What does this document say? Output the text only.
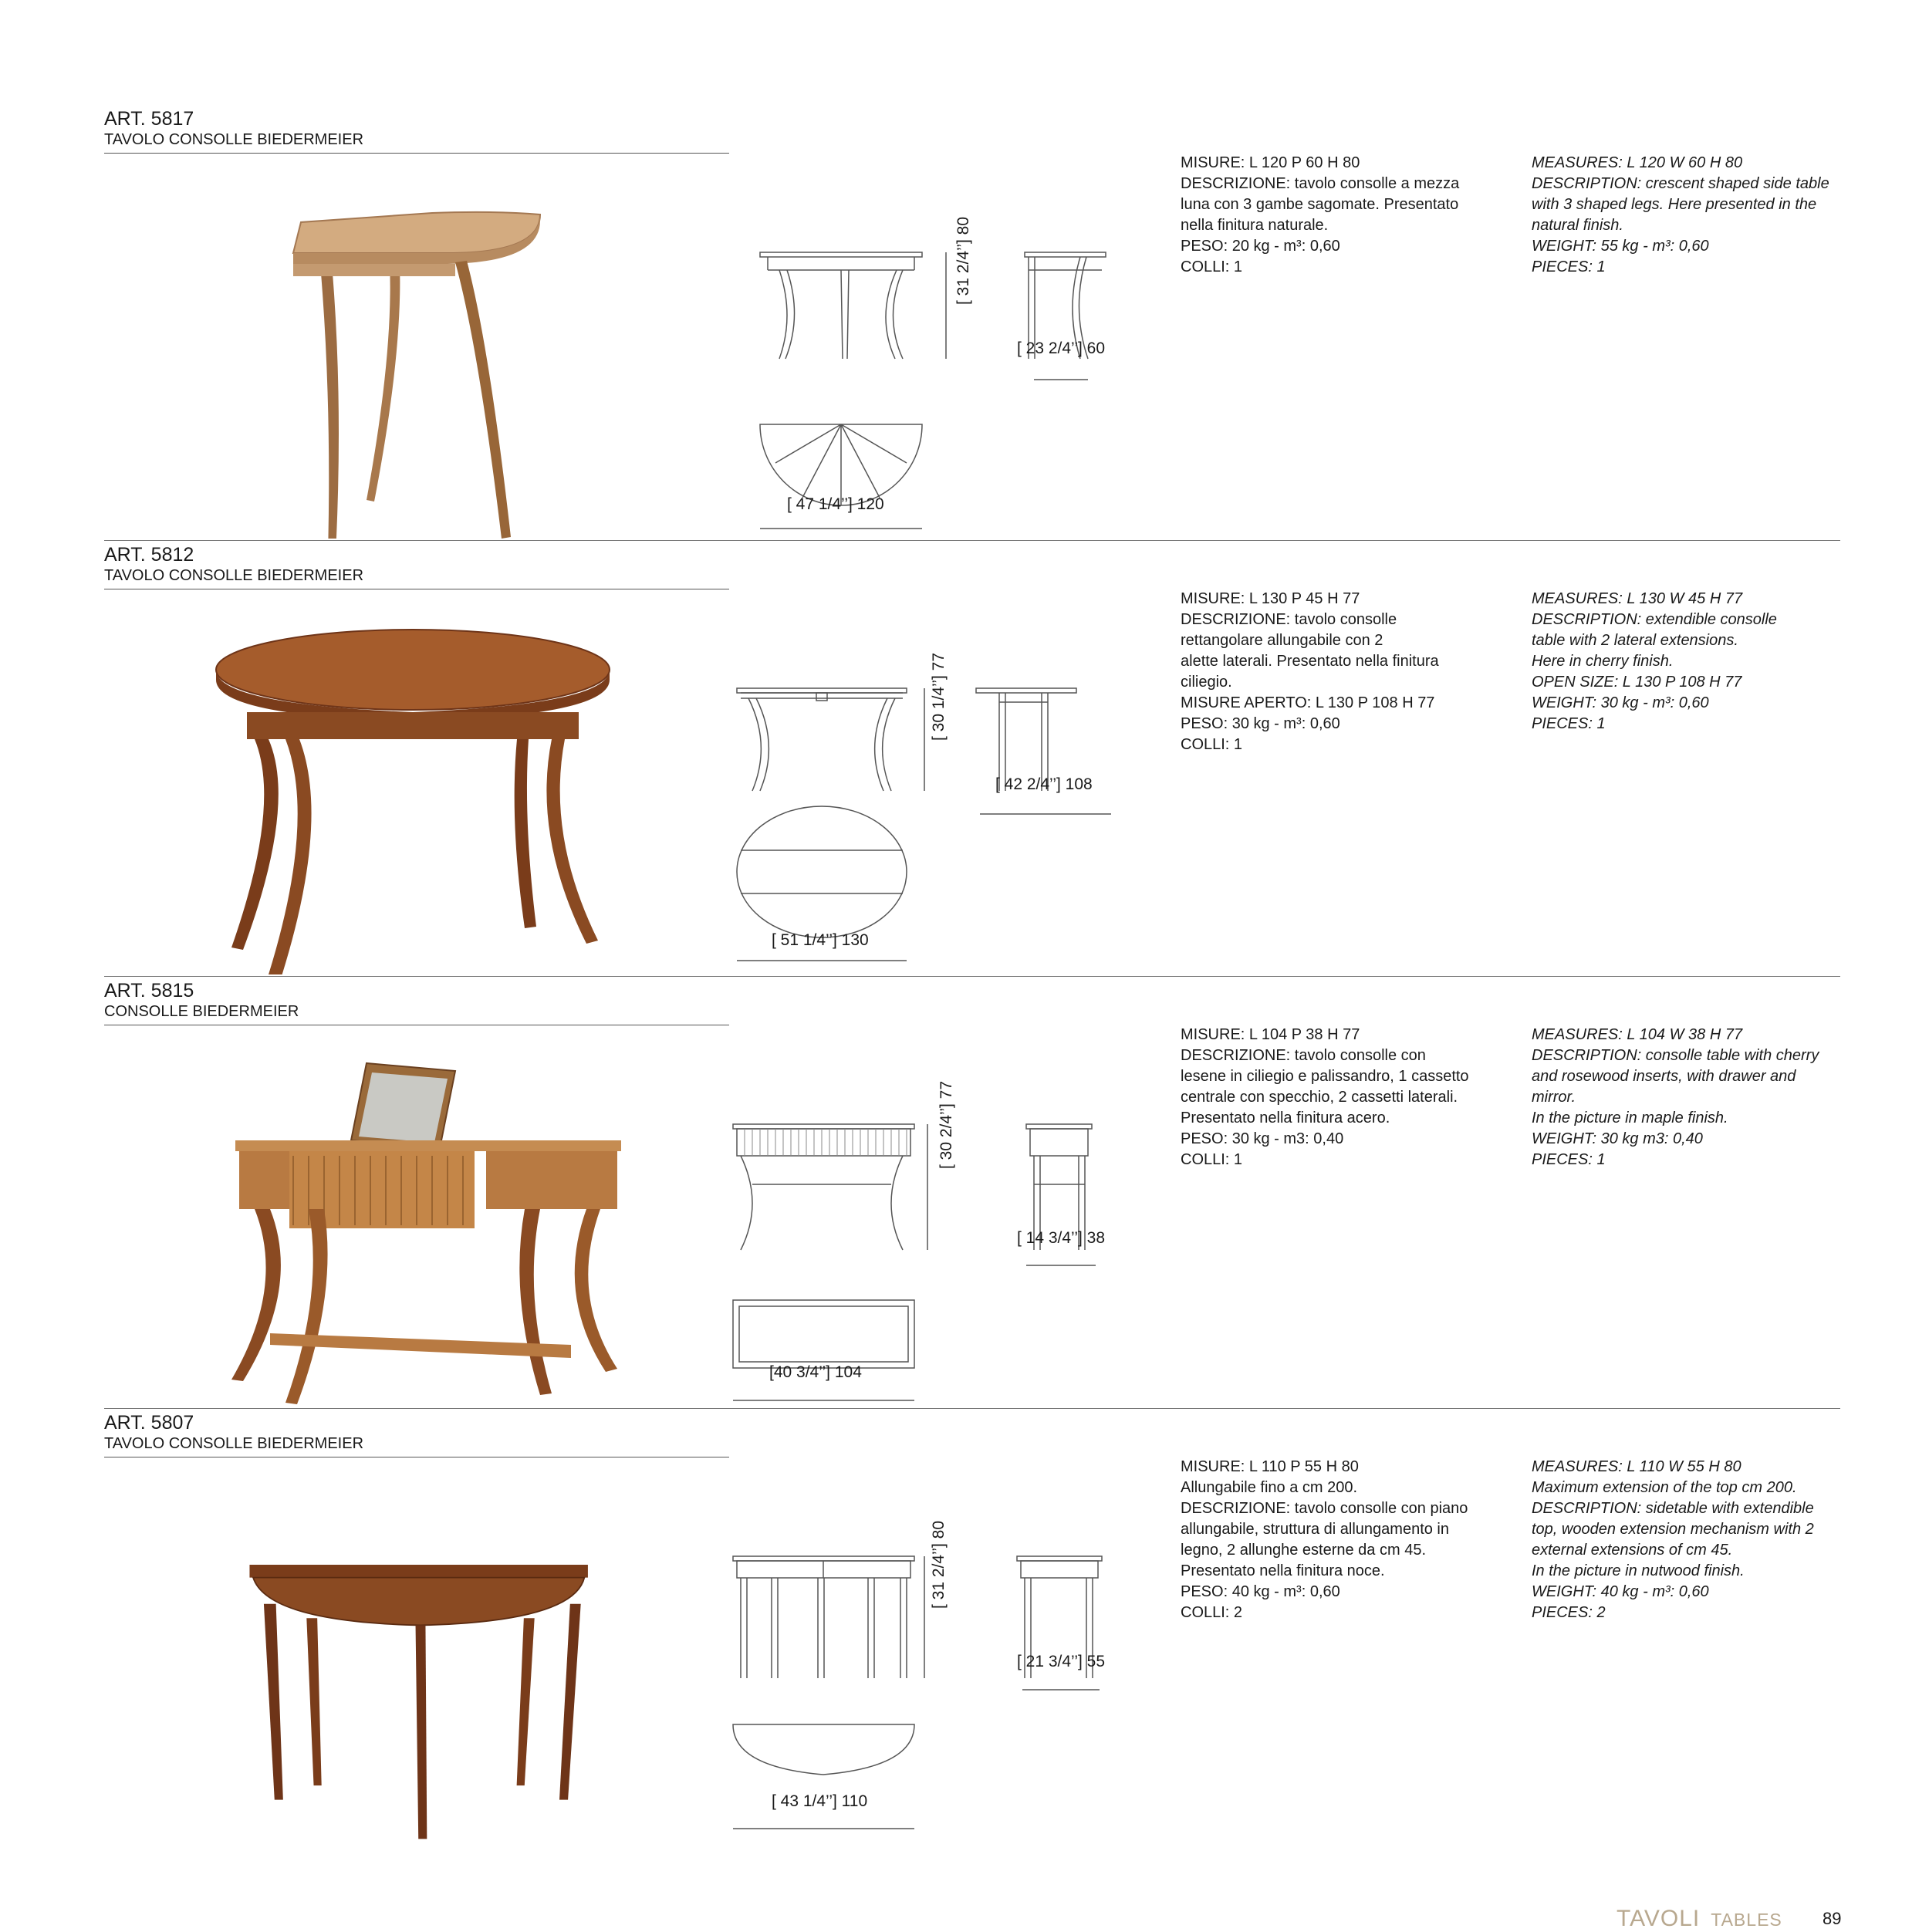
ART. 5817
TAVOLO CONSOLLE BIEDERMEIER
[ 31 2/4’’] 80
[ 23 2/4’’] 60
[ 47 1/4’’] 120
MISURE: L 120 P 60 H 80
DESCRIZIONE: tavolo consolle a mezza
luna con 3 gambe sagomate. Presentato
nella finitura naturale.
PESO: 20 kg - m³: 0,60
COLLI: 1
MEASURES: L 120 W 60 H 80
DESCRIPTION: crescent shaped side table
with 3 shaped legs. Here presented in the
natural finish.
WEIGHT: 55 kg - m³: 0,60
PIECES: 1
ART. 5812
TAVOLO CONSOLLE BIEDERMEIER
[ 30 1/4’’] 77
[ 42 2/4’’] 108
[ 51 1/4’’] 130
MISURE: L 130 P 45 H 77
DESCRIZIONE: tavolo consolle
rettangolare allungabile con 2
alette laterali. Presentato nella finitura
ciliegio.
MISURE APERTO: L 130 P 108 H 77
PESO: 30 kg - m³: 0,60
COLLI: 1
MEASURES: L 130 W 45 H 77
DESCRIPTION: extendible consolle
table with 2 lateral extensions.
Here in cherry finish.
OPEN SIZE: L 130 P 108 H 77
WEIGHT: 30 kg - m³: 0,60
PIECES: 1
ART. 5815
CONSOLLE BIEDERMEIER
[ 30 2/4’’] 77
[ 14 3/4’’] 38
[40 3/4’’] 104
MISURE: L 104 P 38 H 77
DESCRIZIONE: tavolo consolle con
lesene in ciliegio e palissandro, 1 cassetto
centrale con specchio, 2 cassetti laterali.
Presentato nella finitura acero.
PESO: 30 kg - m3: 0,40
COLLI: 1
MEASURES: L 104 W 38 H 77
DESCRIPTION: consolle table with cherry
and rosewood inserts, with drawer and
mirror.
In the picture in maple finish.
WEIGHT: 30 kg m3: 0,40
PIECES: 1
ART. 5807
TAVOLO CONSOLLE BIEDERMEIER
[ 31 2/4’’] 80
[ 21 3/4’’] 55
[ 43 1/4’’] 110
MISURE: L 110 P 55 H 80
Allungabile fino a cm 200.
DESCRIZIONE: tavolo consolle con piano
allungabile, struttura di allungamento in
legno, 2 allunghe esterne da cm 45.
Presentato nella finitura noce.
PESO: 40 kg - m³: 0,60
COLLI: 2
MEASURES: L 110 W 55 H 80
Maximum extension of the top cm 200.
DESCRIPTION: sidetable with extendible
top, wooden extension mechanism with 2
external extensions of cm 45.
In the picture in nutwood finish.
WEIGHT: 40 kg - m³: 0,60
PIECES: 2
TAVOLI TABLES 89
